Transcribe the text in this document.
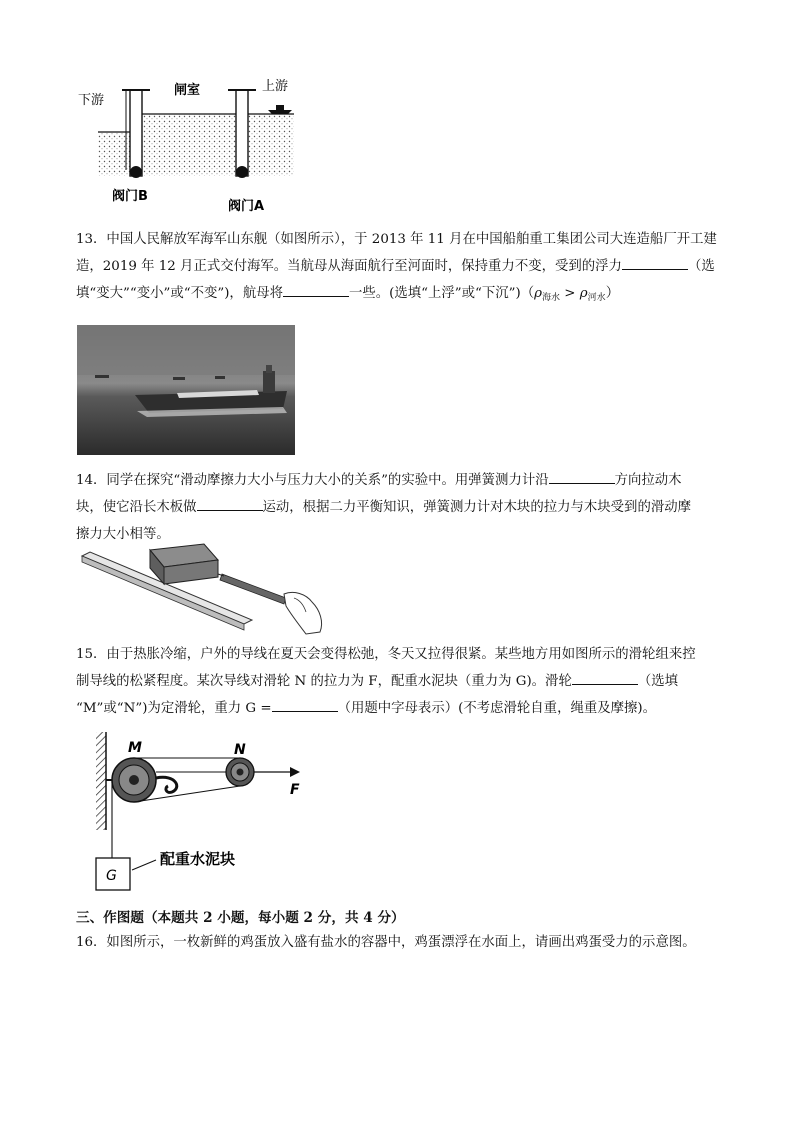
下游
闸室	上游
阀门B
阀门A
13．中国人民解放军海军山东舰（如图所示），于 2013 年 11 月在中国船舶重工集团公司大连造船厂开工建
造，2019 年 12 月正式交付海军。当航母从海面航行至河面时，保持重力不变，受到的浮力	（选
填“变大”“变小”或“不变”)，航母将	一些。(选填“上浮”或“下沉$”)(\rho_{海水} > \rho_{河水})$
14．同学在探究“滑动摩擦力大小与压力大小的关系”的实验中。用弹簧测力计沿	方向拉动木
块，使它沿长木板做	运动，根据二力平衡知识，弹簧测力计对木块的拉力与木块受到的滑动摩
擦力大小相等。
15．由于热胀冷缩，户外的导线在夏天会变得松弛，冬天又拉得很紧。某些地方用如图所示的滑轮组来控
制导线的松紧程度。某次导线对滑轮 N 的拉力为 F，配重水泥块（重力为 G)。滑轮	（选填
“M”或“N”)为定滑轮，重力 G =	（用题中字母表示）(不考虑滑轮自重，绳重及摩擦)。
M	N
F
G
配重水泥块
三、作图题（本题共 2 小题，每小题 2 分，共 4 分）
16．如图所示，一枚新鲜的鸡蛋放入盛有盐水的容器中，鸡蛋漂浮在水面上，请画出鸡蛋受力的示意图。
